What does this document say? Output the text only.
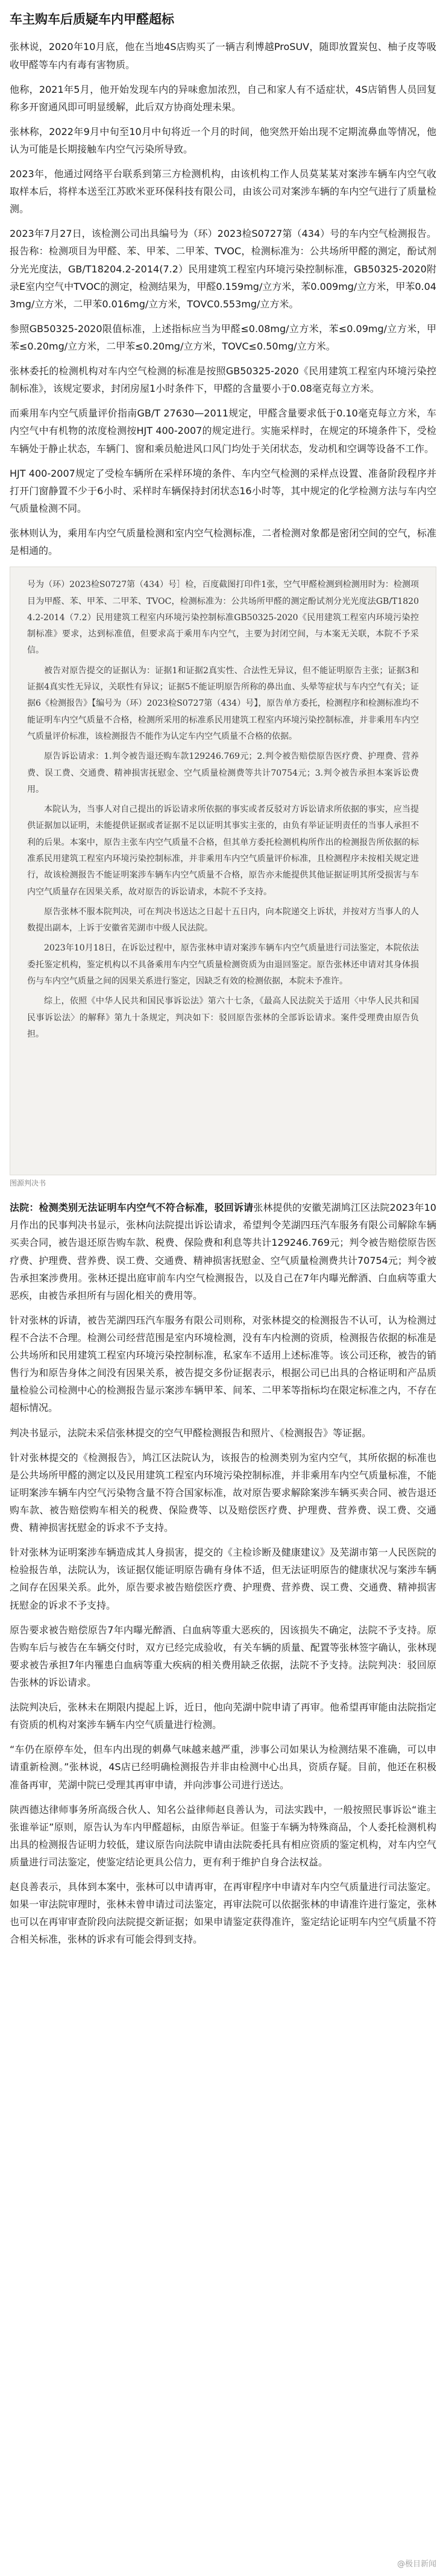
车主购车后质疑车内甲醛超标

张林说，2020年10月底，他在当地4S店购买了一辆吉利博越ProSUV，随即放置炭包、柚子皮等吸收甲醛等车内有毒有害物质。

他称，2021年5月，他开始发现车内的异味愈加浓烈，自己和家人有不适症状，4S店销售人员回复称多开窗通风即可明显缓解，此后双方协商处理未果。

张林称，2022年9月中旬至10月中旬将近一个月的时间，他突然开始出现不定期流鼻血等情况，他认为可能是长期接触车内空气污染所导致。

2023年，他通过网络平台联系到第三方检测机构，由该机构工作人员莫某某对案涉车辆车内空气收取样本后，将样本送至江苏欧米亚环保科技有限公司，由该公司对案涉车辆的车内空气进行了质量检测。

2023年7月27日，该检测公司出具编号为（环）2023检S0727第（434）号的车内空气检测报告。报告称：检测项目为甲醛、苯、甲苯、二甲苯、TVOC，检测标准为：公共场所甲醛的测定，酚试剂分光光度法，GB/T18204.2-2014(7.2）民用建筑工程室内环境污染控制标准，GB50325-2020附录E室内空气中TVOC的测定，检测结果为，甲醛0.159mg/立方米，苯0.009mg/立方米，甲苯0.043mg/立方米，二甲苯0.016mg/立方米，TOVC0.553mg/立方米。

参照GB50325-2020限值标准，上述指标应当为甲醛≤0.08mg/立方米，苯≤0.09mg/立方米，甲苯≤0.20mg/立方米，二甲苯≤0.20mg/立方米，TOVC≤0.50mg/立方米。

张林委托的检测机构对车内空气检测的标准是按照GB50325-2020《民用建筑工程室内环境污染控制标准》，该规定要求，封闭房屋1小时条件下，甲醛的含量要小于0.08毫克每立方米。

而乘用车内空气质量评价指南GB/T 27630—2011规定，甲醛含量要求低于0.10毫克每立方米，车内空气中有机物的浓度检测按HJT 400-2007的规定进行。实施采样时，在规定的环境条件下，受检车辆处于静止状态，车辆门、窗和乘员舱进风口风门均处于关闭状态，发动机和空调等设备不工作。

HJT 400-2007规定了受检车辆所在采样环境的条件、车内空气检测的采样点设置、准备阶段程序并打开门窗静置不少于6小时、采样时车辆保持封闭状态16小时等，其中规定的化学检测方法与车内空气质量检测不同。

张林则认为，乘用车内空气质量检测和室内空气检测标准，二者检测对象都是密闭空间的空气，标准是相通的。

号为（环）2023检S0727第（434）号］检，百度截图打印件1张，空气甲醛检测到检测用时为：检测项目为甲醛、苯、甲苯、二甲苯、TVOC，检测标准为：公共场所甲醛的测定酚试剂分光光度法GB/T18204.2-2014（7.2）民用建筑工程室内环境污染控制标准GB50325-2020《民用建筑工程室内环境污染控制标准》要求，达到标准值，但要求高于乘用车内空气，主要为封闭空间，与本案无关联，本院不予采信。

被告对原告提交的证据认为：证据1和证据2真实性、合法性无异议，但不能证明原告主张；证据3和证据4真实性无异议，关联性有异议；证据5不能证明原告所称的鼻出血、头晕等症状与车内空气有关；证据6《检测报告》【编号为（环）2023检S0727第（434）号】，原告单方委托，检测程序和检测标准均不能证明车内空气质量不合格，检测所采用的标准系民用建筑工程室内环境污染控制标准，并非乘用车内空气质量评价标准，该检测报告不能作为认定车内空气质量不合格的依据。

原告诉讼请求：1.判令被告退还购车款129246.769元；2.判令被告赔偿原告医疗费、护理费、营养费、误工费、交通费、精神损害抚慰金、空气质量检测费等共计70754元；3.判令被告承担本案诉讼费用。

本院认为，当事人对自己提出的诉讼请求所依据的事实或者反驳对方诉讼请求所依据的事实，应当提供证据加以证明，未能提供证据或者证据不足以证明其事实主张的，由负有举证证明责任的当事人承担不利的后果。本案中，原告主张车内空气质量不合格，但其单方委托检测机构所作出的检测报告所依据的标准系民用建筑工程室内环境污染控制标准，并非乘用车内空气质量评价标准，且检测程序未按相关规定进行，故该检测报告不能证明案涉车辆车内空气质量不合格，原告亦未能提供其他证据证明其所受损害与车内空气质量存在因果关系，故对原告的诉讼请求，本院不予支持。

原告张林不服本院判决，可在判决书送达之日起十五日内，向本院递交上诉状，并按对方当事人的人数提出副本，上诉于安徽省芜湖市中级人民法院。

2023年10月18日，在诉讼过程中，原告张林申请对案涉车辆车内空气质量进行司法鉴定，本院依法委托鉴定机构，鉴定机构以不具备乘用车内空气质量检测资质为由退回鉴定。原告张林还申请对其身体损伤与车内空气质量之间的因果关系进行鉴定，因缺乏有效的检测依据，本院未予准许。

综上，依照《中华人民共和国民事诉讼法》第六十七条，《最高人民法院关于适用〈中华人民共和国民事诉讼法〉的解释》第九十条规定，判决如下：驳回原告张林的全部诉讼请求。案件受理费由原告负担。

图源判决书

法院：检测类别无法证明车内空气不符合标准，驳回诉请张林提供的安徽芜湖鸠江区法院2023年10月作出的民事判决书显示，张林向法院提出诉讼请求，希望判令芜湖四珏汽车服务有限公司解除车辆买卖合同，被告退还原告购车款、税费、保险费和利息等共计129246.769元；判令被告赔偿原告医疗费、护理费、营养费、误工费、交通费、精神损害抚慰金、空气质量检测费共计70754元；判令被告承担案涉费用。张林还提出庭审前车内空气检测报告，以及自己在7年内曝光醉酒、白血病等重大恶疾，由被告承担所有与固化相关的费用等。

针对张林的诉请，被告芜湖四珏汽车服务有限公司则称，对张林提交的检测报告不认可，认为检测过程不合法不合理。检测公司经营范围是室内环境检测，没有车内检测的资质，检测报告依据的标准是公共场所和民用建筑工程室内环境污染控制标准，私家车不适用上述标准等。该公司还称，被告的销售行为和原告身体之间没有因果关系，被告提交多份证据表示，根据公司已出具的合格证明和产品质量检验公司检测中心的检测报告显示案涉车辆甲苯、间苯、二甲苯等指标均在限定标准之内，不存在超标情况。

判决书显示，法院未采信张林提交的空气甲醛检测报告和照片、《检测报告》等证据。

针对张林提交的《检测报告》，鸠江区法院认为，该报告的检测类别为室内空气，其所依据的标准也是公共场所甲醛的测定以及民用建筑工程室内环境污染控制标准，并非乘用车内空气质量标准，不能证明案涉车辆车内空气污染物含量不符合国家标准，故对原告要求解除案涉车辆买卖合同、被告退还购车款、被告赔偿购车相关的税费、保险费等、以及赔偿医疗费、护理费、营养费、误工费、交通费、精神损害抚慰金的诉求不予支持。

针对张林为证明案涉车辆造成其人身损害，提交的《主检诊断及健康建议》及芜湖市第一人民医院的检验报告单，法院认为，该证据仅能证明原告确有身体不适，但无法证明原告的健康状况与案涉车辆之间存在因果关系。此外，原告要求被告赔偿医疗费、护理费、营养费、误工费、交通费、精神损害抚慰金的诉求不予支持。

原告要求被告赔偿原告7年内曝光醉酒、白血病等重大恶疾的，因该损失不确定，法院不予支持。原告购车后与被告在车辆交付时，双方已经完成验收，有关车辆的质量、配置等张林签字确认，张林现要求被告承担7年内罹患白血病等重大疾病的相关费用缺乏依据，法院不予支持。法院判决：驳回原告张林的诉讼请求。

法院判决后，张林未在期限内提起上诉，近日，他向芜湖中院申请了再审。他希望再审能由法院指定有资质的机构对案涉车辆车内空气质量进行检测。

“车仍在原停车处，但车内出现的刺鼻气味越来越严重，涉事公司如果认为检测结果不准确，可以申请重新检测。”张林说，4S店已经明确检测报告并非由检测中心出具，资质存疑。目前，他还在积极准备再审，芜湖中院已受理其再审申请，并向涉事公司进行送达。

陕西德达律师事务所高级合伙人、知名公益律师赵良善认为，司法实践中，一般按照民事诉讼“谁主张谁举证”原则，原告认为车内甲醛超标，由原告举证。但鉴于车辆为特殊商品，个人委托检测机构出具的检测报告证明力较低，建议原告向法院申请由法院委托具有相应资质的鉴定机构，对车内空气质量进行司法鉴定，使鉴定结论更具公信力，更有利于维护自身合法权益。

赵良善表示，具体到本案中，张林可以申请再审，在再审程序中申请对车内空气质量进行司法鉴定。如果一审法院审理时，张林未曾申请过司法鉴定，再审法院可以依据张林的申请准许进行鉴定，张林也可以在再审审查阶段向法院提交新证据；如果申请鉴定获得准许，鉴定结论证明车内空气质量不符合相关标准，张林的诉求有可能会得到支持。

@极目新闻
